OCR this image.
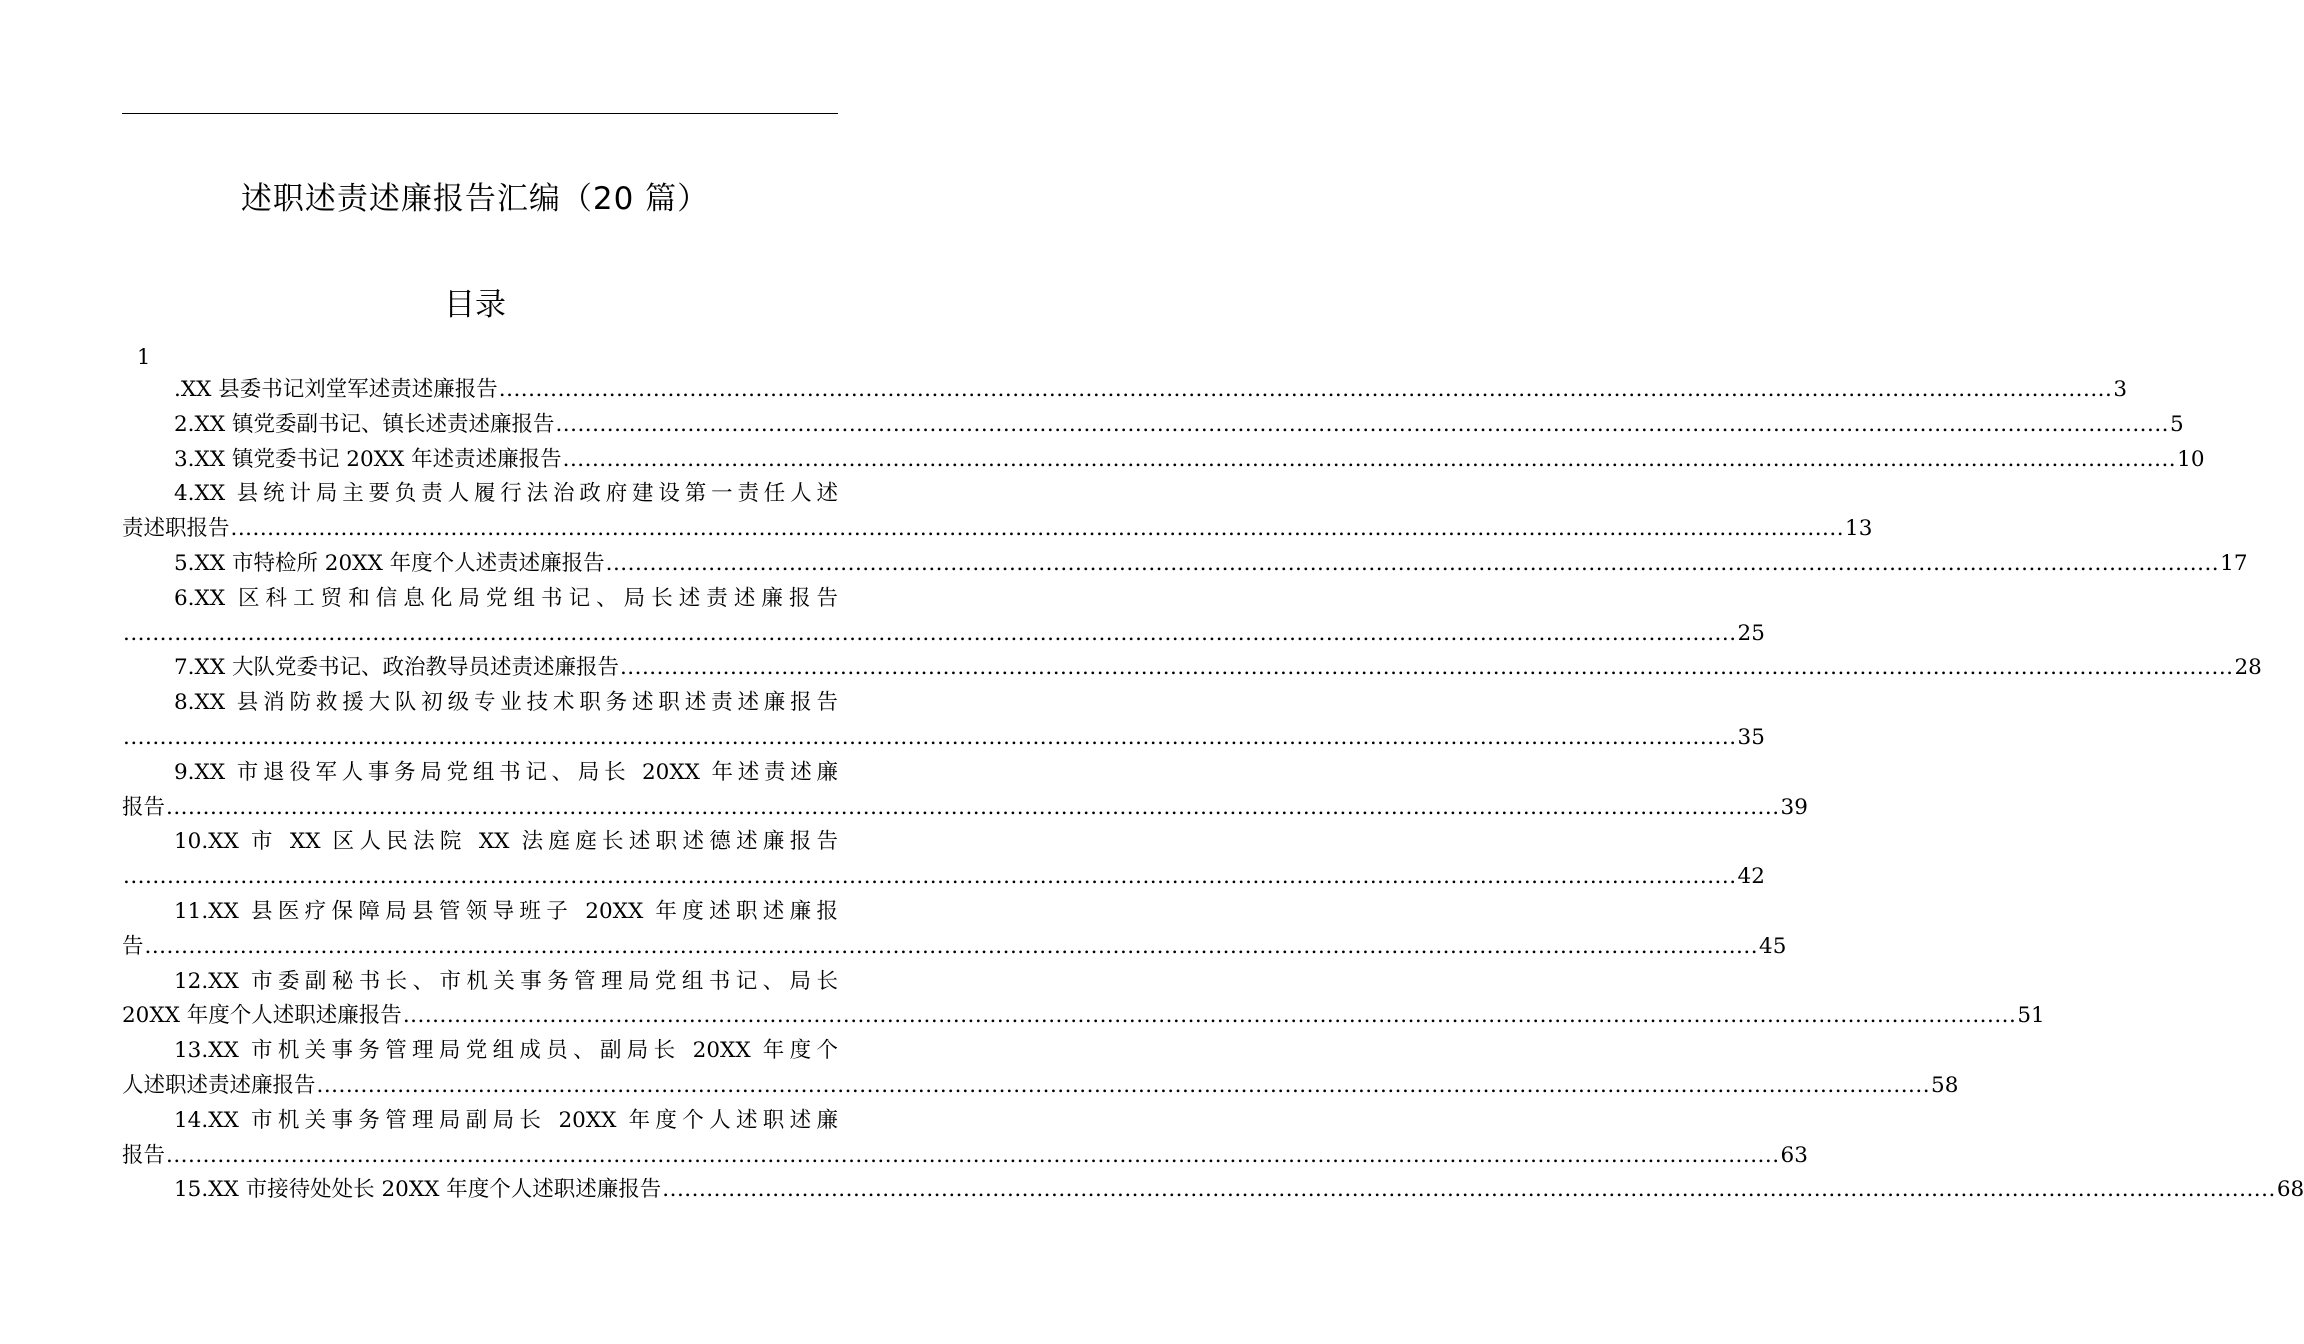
述职述责述廉报告汇编（20 篇）
目录
1
.XX 县委书记刘堂军述责述廉报告 ............................................................................................................................................................................................................................ 3
2.XX 镇党委副书记、镇长述责述廉报告 ............................................................................................................................................................................................................................ 5
3.XX 镇党委书记 20XX 年述责述廉报告 ............................................................................................................................................................................................................................ 10
4.XX 县统计局主要负责人履行法治政府建设第一责任人述
责述职报告 ............................................................................................................................................................................................................................ 13
5.XX 市特检所 20XX 年度个人述责述廉报告 ............................................................................................................................................................................................................................ 17
6.XX 区科工贸和信息化局党组书记、局长述责述廉报告
............................................................................................................................................................................................................................ 25
7.XX 大队党委书记、政治教导员述责述廉报告 ............................................................................................................................................................................................................................ 28
8.XX 县消防救援大队初级专业技术职务述职述责述廉报告
............................................................................................................................................................................................................................ 35
9.XX 市退役军人事务局党组书记、局长 20XX 年述责述廉
报告 ............................................................................................................................................................................................................................ 39
10.XX 市 XX 区人民法院 XX 法庭庭长述职述德述廉报告
............................................................................................................................................................................................................................ 42
11.XX 县医疗保障局县管领导班子 20XX 年度述职述廉报
告 ............................................................................................................................................................................................................................ 45
12.XX 市委副秘书长、市机关事务管理局党组书记、局长
20XX 年度个人述职述廉报告 ............................................................................................................................................................................................................................ 51
13.XX 市机关事务管理局党组成员、副局长 20XX 年度个
人述职述责述廉报告 ............................................................................................................................................................................................................................ 58
14.XX 市机关事务管理局副局长 20XX 年度个人述职述廉
报告 ............................................................................................................................................................................................................................ 63
15.XX 市接待处处长 20XX 年度个人述职述廉报告 ............................................................................................................................................................................................................................ 68
